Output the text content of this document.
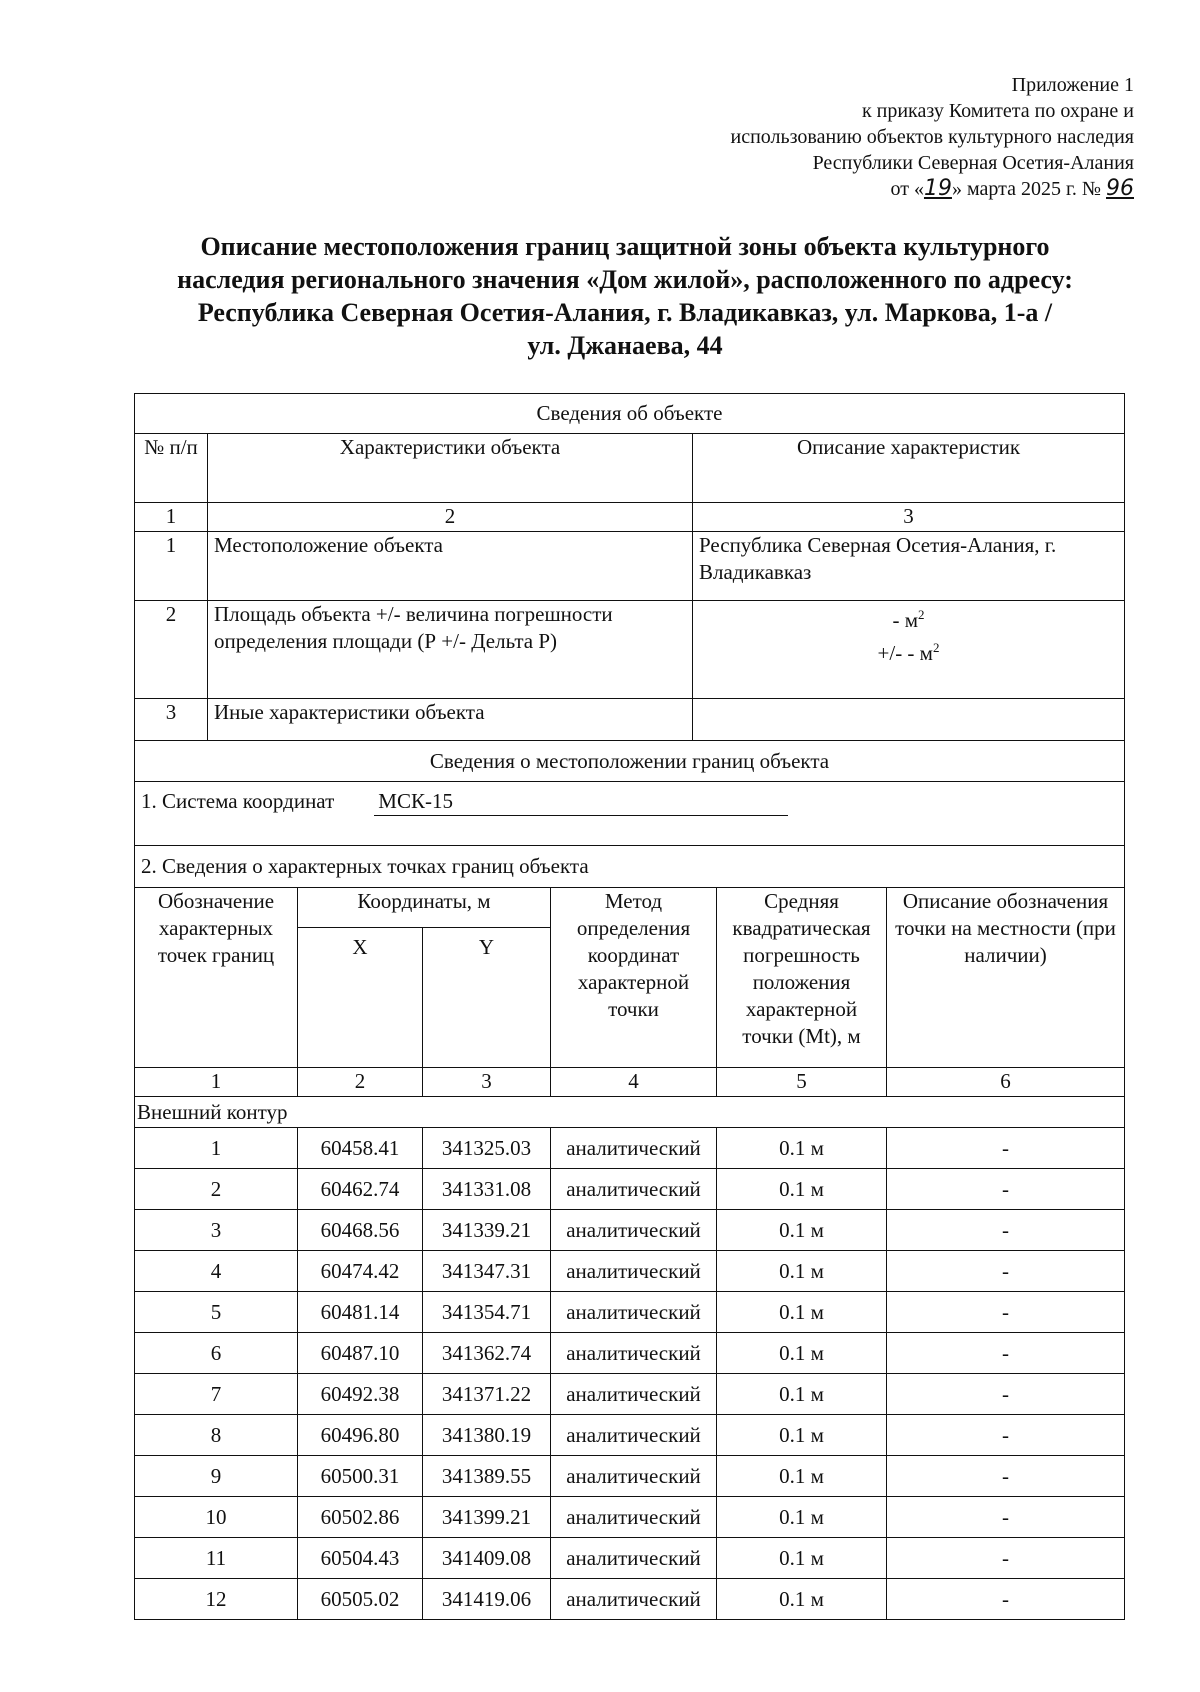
Приложение 1
к приказу Комитета по охране и
использованию объектов культурного наследия
Республики Северная Осетия-Алания
от «19» марта 2025 г. № 96
Описание местоположения границ защитной зоны объекта культурного
наследия регионального значения «Дом жилой», расположенного по адресу:
Республика Северная Осетия-Алания, г. Владикавказ, ул. Маркова, 1-а /
ул. Джанаева, 44
Сведения об объекте		
№ п/п	Характеристики объекта	Описание характеристик
1	2	3
1	Местоположение объекта	Республика Северная Осетия-Алания, г. Владикавказ
2	Площадь объекта +/- величина погрешности определения площади (Р +/- Дельта Р)	- $м^2$
+/- - $м^2$

3	Иные характеристики объекта	
Сведения о местоположении границ объекта		
1. Система координат МСК-15		
2. Сведения о характерных точках границ объекта					
Обозначение характерных точек границ	Координаты, м		Метод определения координат характерной точки	Средняя квадратическая погрешность положения характерной точки (Mt), м	Описание обозначения точки на местности (при наличии)
	X	Y			
1	2	3	4	5	6
Внешний контур					
1	60458.41	341325.03	аналитический	0.1 м	-
2	60462.74	341331.08	аналитический	0.1 м	-
3	60468.56	341339.21	аналитический	0.1 м	-
4	60474.42	341347.31	аналитический	0.1 м	-
5	60481.14	341354.71	аналитический	0.1 м	-
6	60487.10	341362.74	аналитический	0.1 м	-
7	60492.38	341371.22	аналитический	0.1 м	-
8	60496.80	341380.19	аналитический	0.1 м	-
9	60500.31	341389.55	аналитический	0.1 м	-
10	60502.86	341399.21	аналитический	0.1 м	-
11	60504.43	341409.08	аналитический	0.1 м	-
12	60505.02	341419.06	аналитический	0.1 м	-
